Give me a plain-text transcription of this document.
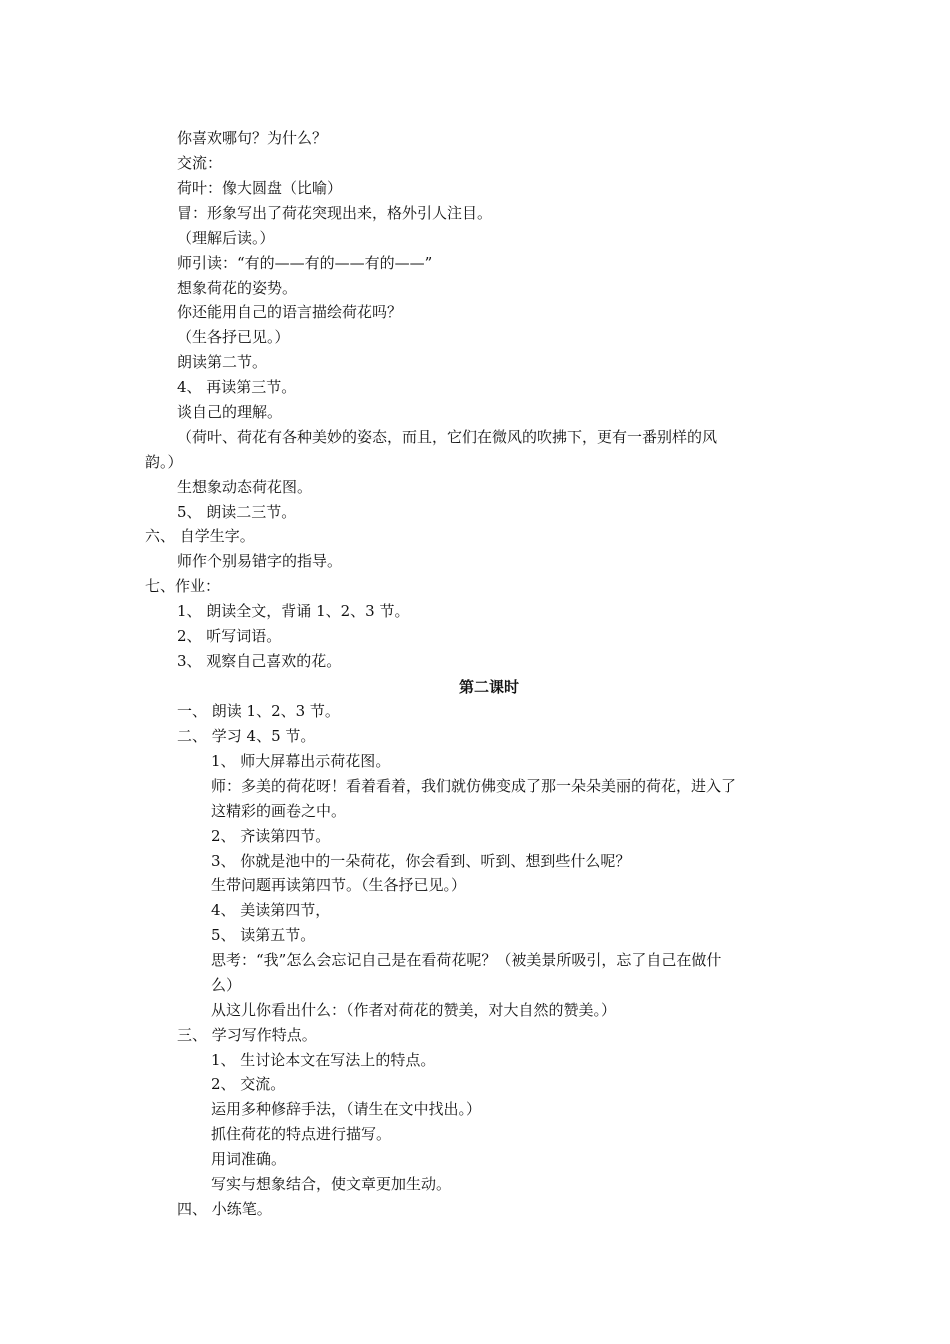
你喜欢哪句？为什么？
交流：
荷叶：像大圆盘（比喻）
冒：形象写出了荷花突现出来，格外引人注目。
（理解后读。）
师引读：“有的——有的——有的——”
想象荷花的姿势。
你还能用自己的语言描绘荷花吗？
（生各抒已见。）
朗读第二节。
4、 再读第三节。
谈自己的理解。
（荷叶、荷花有各种美妙的姿态，而且，它们在微风的吹拂下，更有一番别样的风
韵。）
生想象动态荷花图。
5、 朗读二三节。
六、 自学生字。
师作个别易错字的指导。
七、作业：
1、 朗读全文，背诵 1、2、3 节。
2、 听写词语。
3、 观察自己喜欢的花。
第二课时
一、 朗读 1、2、3 节。
二、 学习 4、5 节。
1、 师大屏幕出示荷花图。
师：多美的荷花呀！看着看着，我们就仿佛变成了那一朵朵美丽的荷花，进入了
这精彩的画卷之中。
2、 齐读第四节。
3、 你就是池中的一朵荷花，你会看到、听到、想到些什么呢？
生带问题再读第四节。（生各抒已见。）
4、 美读第四节，
5、 读第五节。
思考：“我”怎么会忘记自己是在看荷花呢？（被美景所吸引，忘了自己在做什
么）
从这儿你看出什么：（作者对荷花的赞美，对大自然的赞美。）
三、 学习写作特点。
1、 生讨论本文在写法上的特点。
2、 交流。
运用多种修辞手法，（请生在文中找出。）
抓住荷花的特点进行描写。
用词准确。
写实与想象结合，使文章更加生动。
四、 小练笔。
